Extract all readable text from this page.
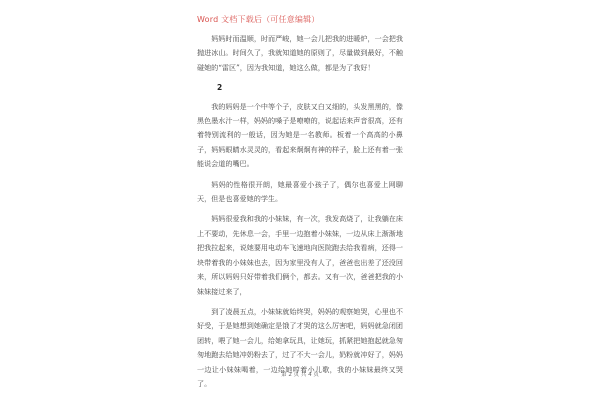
Word 文档下载后（可任意编辑）

妈妈时而温顺，时而严峻，她一会儿把我的进暖炉，一会把我抛进冰山。时间久了，我就知道她的原则了，尽量做到最好，不触碰她的“雷区”，因为我知道，她这么做，都是为了我好！

2

我的妈妈是一个中等个子，皮肤又白又细的，头发黑黑的，像黑色墨水汁一样，妈妈的嗓子是嘹嘹的，说起话来声音很高，还有着特别流利的一般话，因为她是一名教师。板着一个高高的小鼻子，妈妈眼睛水灵灵的，看起来炯炯有神的样子，脸上还有着一张能说会道的嘴巴。

妈妈的性格很开朗，她最喜爱小孩子了，偶尔也喜爱上网聊天，但是也喜爱她的学生。

妈妈很爱我和我的小妹妹，有一次，我发高烧了，让我躺在床上不要动，先休息一会，手里一边抱着小妹妹，一边从床上渐渐地把我拉起来，说她要用电动车飞速地向医院跑去给我看病，还得一块带着我的小妹妹也去，因为家里没有人了，爸爸也出差了还没回来，所以妈妈只好带着我们俩个，都去。又有一次，爸爸把我的小妹妹接过来了，

到了凌晨五点，小妹妹就始终哭，妈妈的观察她哭，心里也不好受，于是她想到她确定是饿了才哭的这么厉害吧，妈妈就急闭团团转，喂了她一会儿，给她拿玩具，让她玩，抓紧把她抱起就急匆匆地跑去给她冲奶粉去了，过了不大一会儿，奶粉就冲好了，妈妈一边让小妹妹喝着，一边给她哼着小儿歌，我的小妹妹最终又哭了。

第 2 页 共 4 页
